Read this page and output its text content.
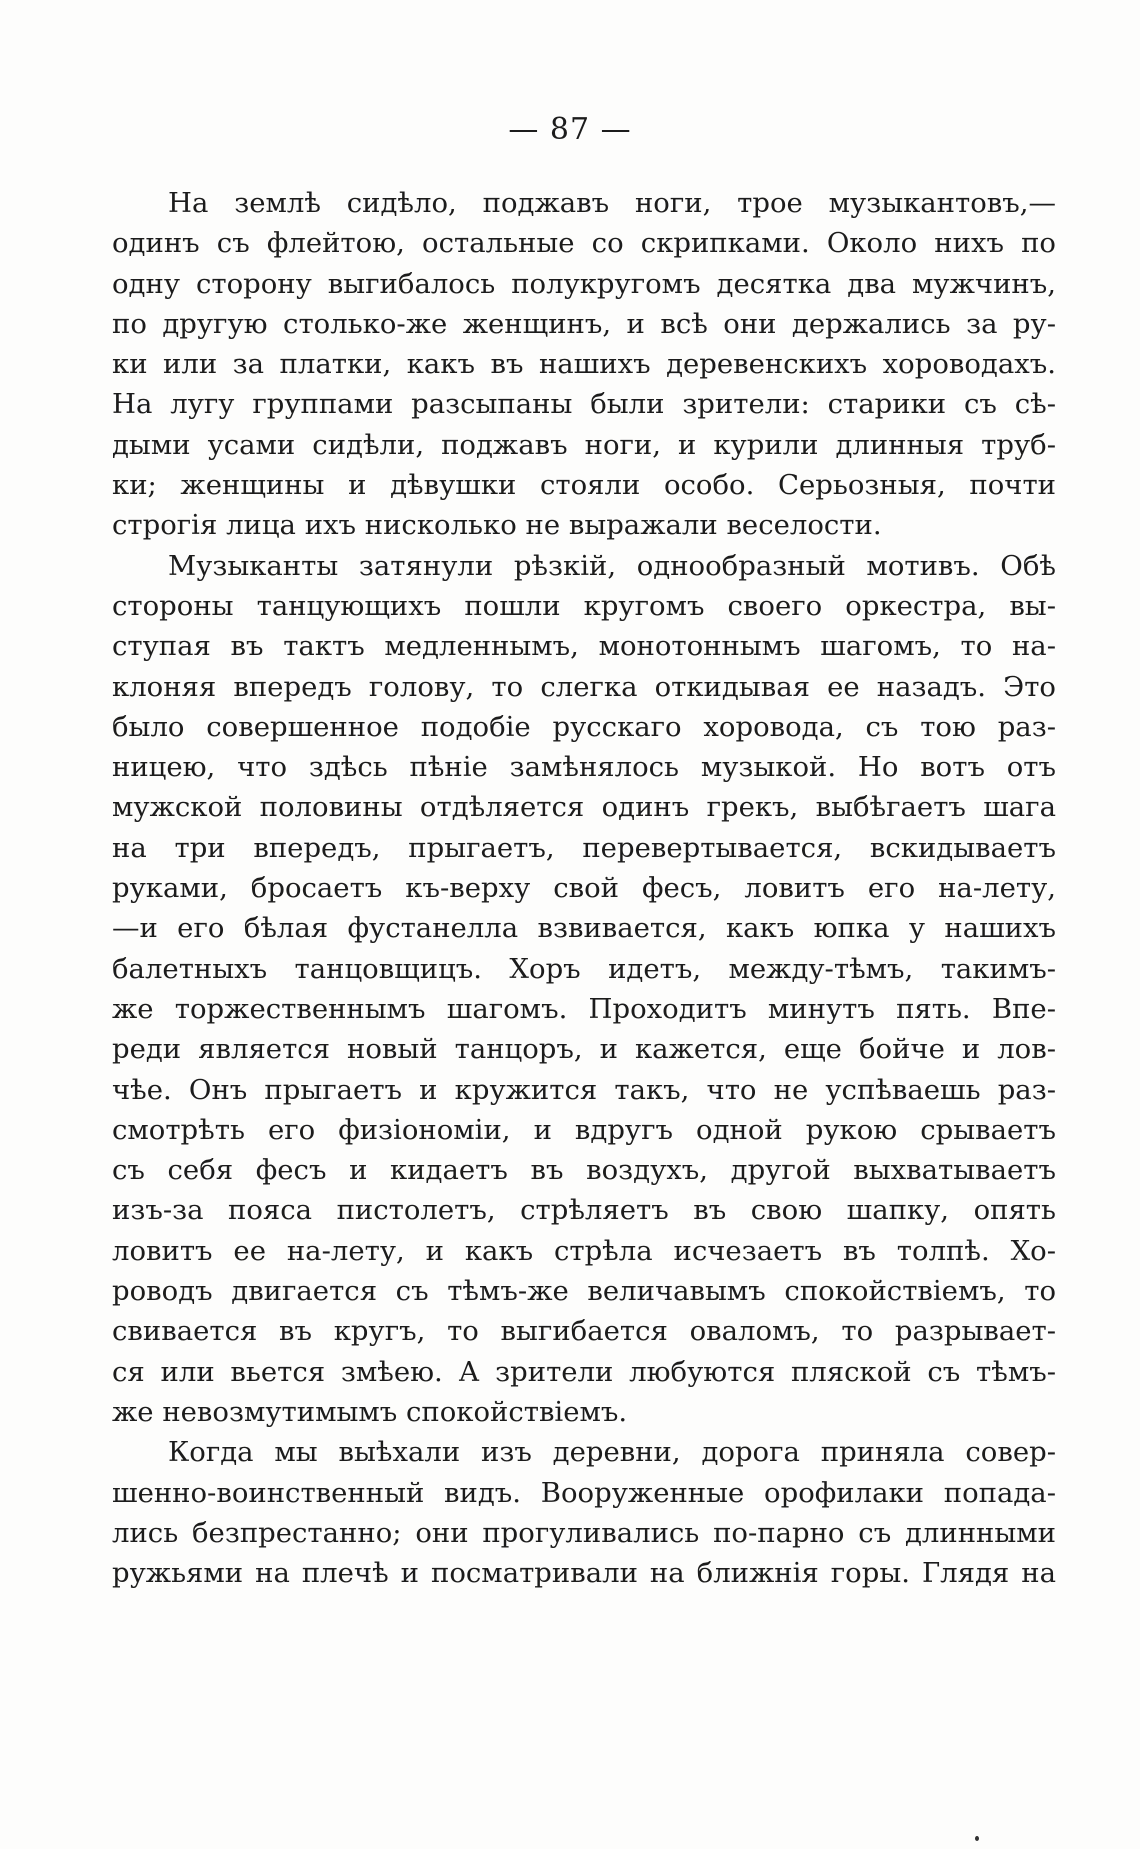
— 87 —
На землѣ сидѣло, поджавъ ноги, трое музыкантовъ,—
одинъ съ флейтою, остальные со скрипками. Около нихъ по
одну сторону выгибалось полукругомъ десятка два мужчинъ,
по другую столько-же женщинъ, и всѣ они держались за ру-
ки или за платки, какъ въ нашихъ деревенскихъ хороводахъ.
На лугу группами разсыпаны были зрители: старики съ сѣ-
дыми усами сидѣли, поджавъ ноги, и курили длинныя труб-
ки; женщины и дѣвушки стояли особо. Серьозныя, почти
строгія лица ихъ нисколько не выражали веселости.
Музыканты затянули рѣзкій, однообразный мотивъ. Обѣ
стороны танцующихъ пошли кругомъ своего оркестра, вы-
ступая въ тактъ медленнымъ, монотоннымъ шагомъ, то на-
клоняя впередъ голову, то слегка откидывая ее назадъ. Это
было совершенное подобіе русскаго хоровода, съ тою раз-
ницею, что здѣсь пѣніе замѣнялось музыкой. Но вотъ отъ
мужской половины отдѣляется одинъ грекъ, выбѣгаетъ шага
на три впередъ, прыгаетъ, перевертывается, вскидываетъ
руками, бросаетъ къ-верху свой фесъ, ловитъ его на-лету,
—и его бѣлая фустанелла взвивается, какъ юпка у нашихъ
балетныхъ танцовщицъ. Хоръ идетъ, между-тѣмъ, такимъ-
же торжественнымъ шагомъ. Проходитъ минутъ пять. Впе-
реди является новый танцоръ, и кажется, еще бойче и лов-
чѣе. Онъ прыгаетъ и кружится такъ, что не успѣваешь раз-
смотрѣть его физіономіи, и вдругъ одной рукою срываетъ
съ себя фесъ и кидаетъ въ воздухъ, другой выхватываетъ
изъ-за пояса пистолетъ, стрѣляетъ въ свою шапку, опять
ловитъ ее на-лету, и какъ стрѣла исчезаетъ въ толпѣ. Хо-
роводъ двигается съ тѣмъ-же величавымъ спокойствіемъ, то
свивается въ кругъ, то выгибается оваломъ, то разрывает-
ся или вьется змѣею. А зрители любуются пляской съ тѣмъ-
же невозмутимымъ спокойствіемъ.
Когда мы выѣхали изъ деревни, дорога приняла совер-
шенно-воинственный видъ. Вооруженные орофилаки попада-
лись безпрестанно; они прогуливались по-парно съ длинными
ружьями на плечѣ и посматривали на ближнія горы. Глядя на
